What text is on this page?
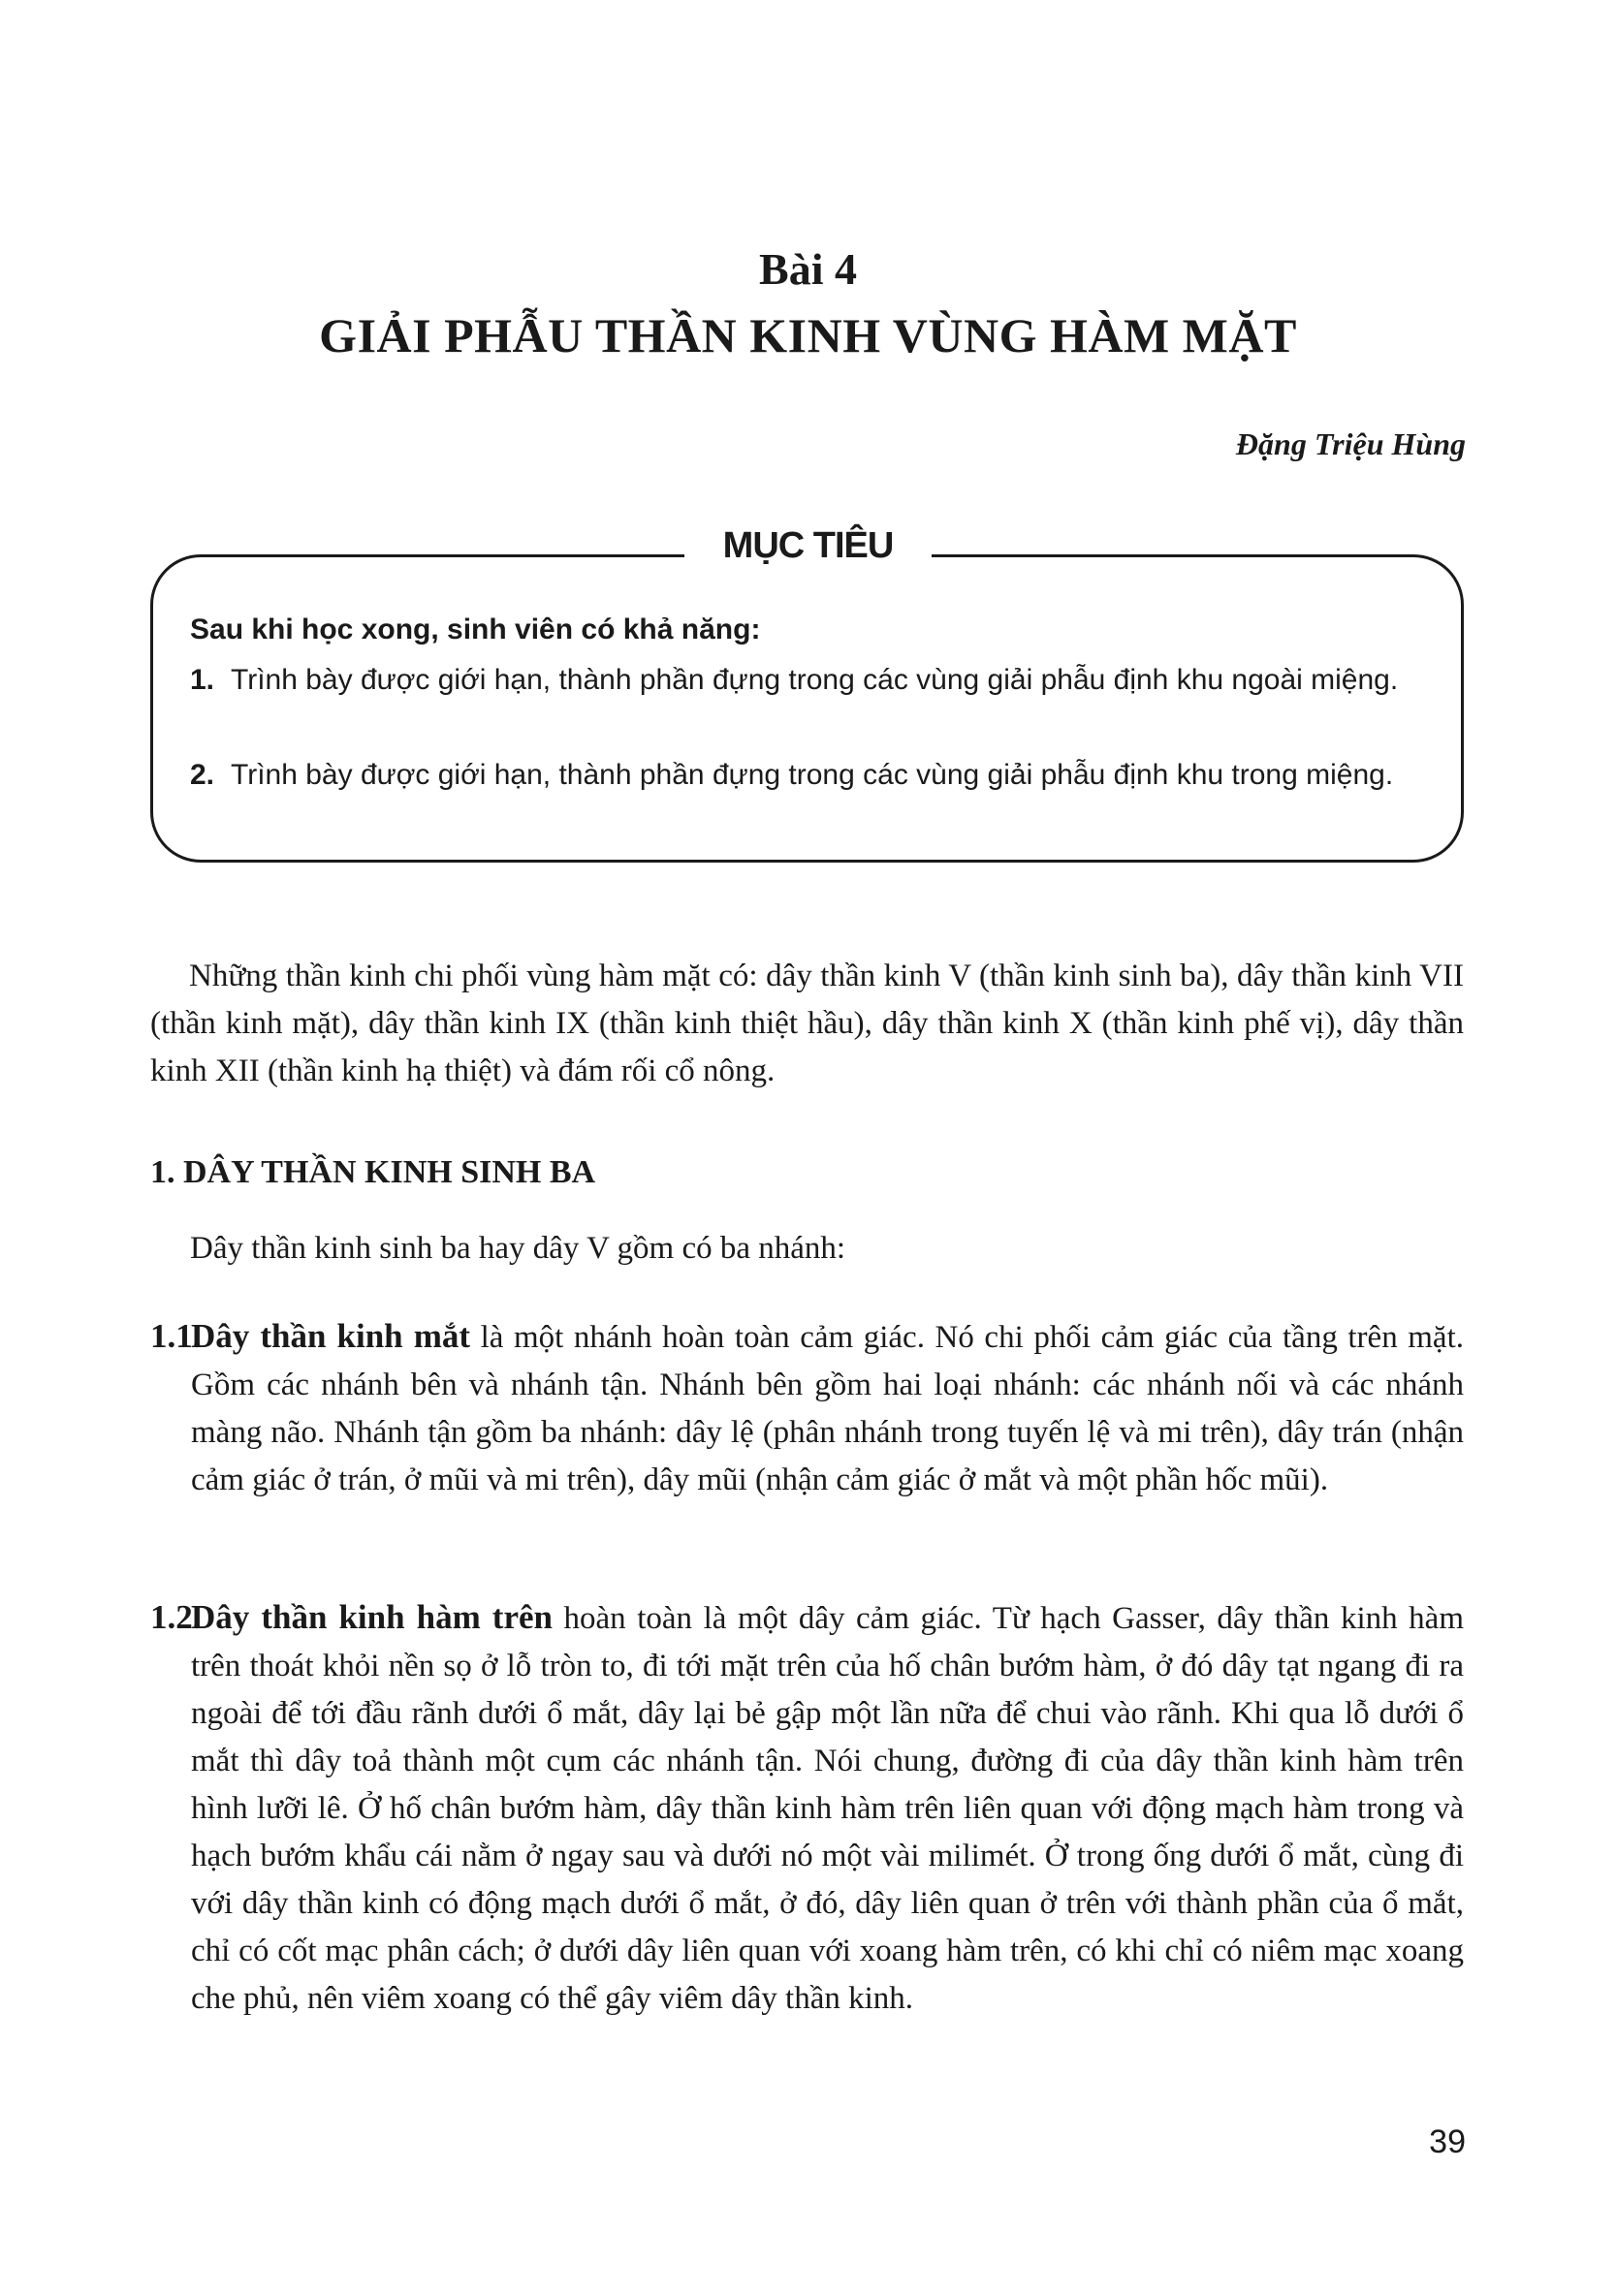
Bài 4
GIẢI PHẪU THẦN KINH VÙNG HÀM MẶT
Đặng Triệu Hùng
MỤC TIÊU
Sau khi học xong, sinh viên có khả năng:
1. Trình bày được giới hạn, thành phần đựng trong các vùng giải phẫu định khu ngoài miệng.
2. Trình bày được giới hạn, thành phần đựng trong các vùng giải phẫu định khu trong miệng.

Những thần kinh chi phối vùng hàm mặt có: dây thần kinh V (thần kinh sinh ba), dây thần kinh VII (thần kinh mặt), dây thần kinh IX (thần kinh thiệt hầu), dây thần kinh X (thần kinh phế vị), dây thần kinh XII (thần kinh hạ thiệt) và đám rối cổ nông.

1. DÂY THẦN KINH SINH BA
Dây thần kinh sinh ba hay dây V gồm có ba nhánh:
1.1.
Dây thần kinh mắt là một nhánh hoàn toàn cảm giác. Nó chi phối cảm giác của tầng trên mặt. Gồm các nhánh bên và nhánh tận. Nhánh bên gồm hai loại nhánh: các nhánh nối và các nhánh màng não. Nhánh tận gồm ba nhánh: dây lệ (phân nhánh trong tuyến lệ và mi trên), dây trán (nhận cảm giác ở trán, ở mũi và mi trên), dây mũi (nhận cảm giác ở mắt và một phần hốc mũi).
1.2.
Dây thần kinh hàm trên hoàn toàn là một dây cảm giác. Từ hạch Gasser, dây thần kinh hàm trên thoát khỏi nền sọ ở lỗ tròn to, đi tới mặt trên của hố chân bướm hàm, ở đó dây tạt ngang đi ra ngoài để tới đầu rãnh dưới ổ mắt, dây lại bẻ gập một lần nữa để chui vào rãnh. Khi qua lỗ dưới ổ mắt thì dây toả thành một cụm các nhánh tận. Nói chung, đường đi của dây thần kinh hàm trên hình lưỡi lê. Ở hố chân bướm hàm, dây thần kinh hàm trên liên quan với động mạch hàm trong và hạch bướm khẩu cái nằm ở ngay sau và dưới nó một vài milimét. Ở trong ống dưới ổ mắt, cùng đi với dây thần kinh có động mạch dưới ổ mắt, ở đó, dây liên quan ở trên với thành phần của ổ mắt, chỉ có cốt mạc phân cách; ở dưới dây liên quan với xoang hàm trên, có khi chỉ có niêm mạc xoang che phủ, nên viêm xoang có thể gây viêm dây thần kinh.
39
